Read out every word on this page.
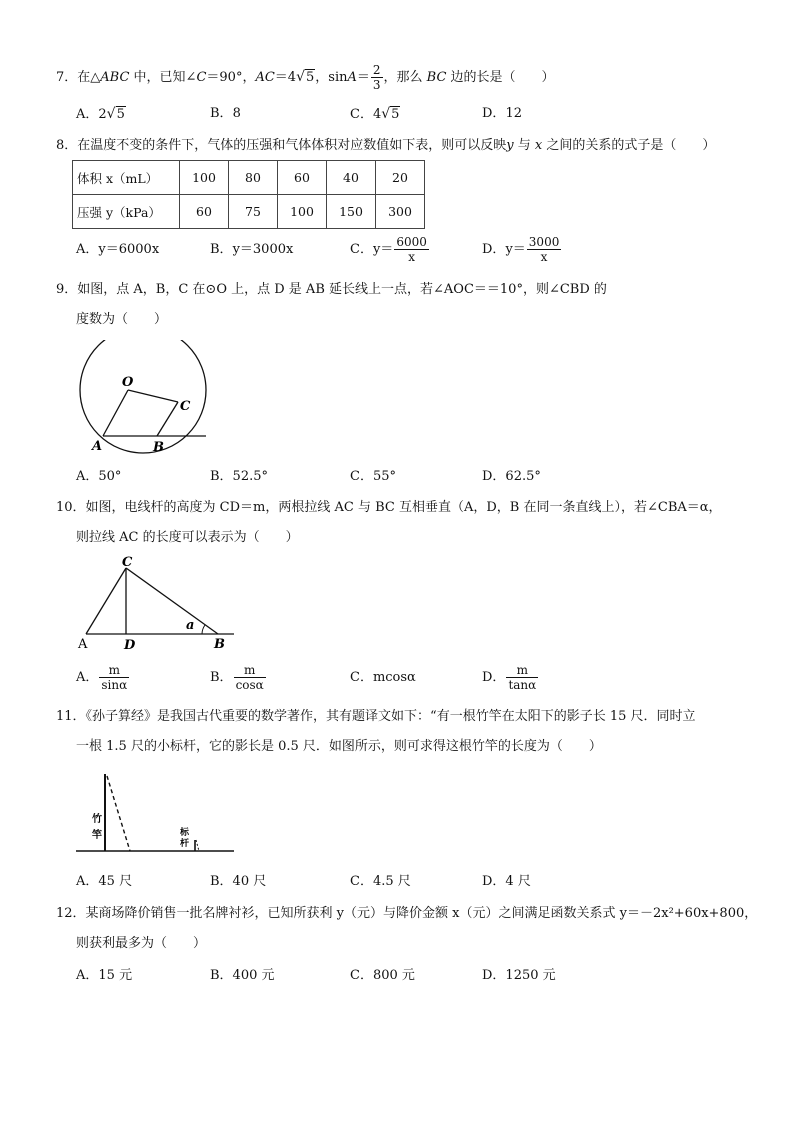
7．在△ABC 中，已知∠C＝90°，AC＝4√5，$\sin A= \frac{2}{3}$ ，那么 BC 边的长是（　　）
A．2√5	B．8	C．4√5	D．12
8．在温度不变的条件下，气体的压强和气体体积对应数值如下表，则可以反映y 与 x 之间的关系的式子是（　　）
体积 x（mL）	100	80	60	40	20
压强 y（kPa）	60	75	100	150	300
A．y＝6000x	B．y＝3000x	C．$y= \frac{6000}{x}$	D．$y= \frac{3000}{x}$
9．如图，点 A，B，C 在⊙O 上，点 D 是 AB 延长线上一点，若∠AOC＝＝10°，则∠CBD 的
度数为（　　）
O
C
A	B
A．50°	B．52.5°	C．55°	D．62.5°
10．如图，电线杆的高度为 CD＝m，两根拉线 AC 与 BC 互相垂直（A，D，B 在同一条直线上），若∠CBA＝α，
则拉线 AC 的长度可以表示为（　　）
C
A	D	B
a
A． $\frac{m}{\sin\alpha}$	B． $\frac{m}{\cos\alpha}$	C．mcosα	D． $\frac{m}{\tan\alpha}$
11．《孙子算经》是我国古代重要的数学著作，其有题译文如下：“有一根竹竿在太阳下的影子长 15 尺．同时立
一根 1.5 尺的小标杆，它的影长是 0.5 尺．如图所示，则可求得这根竹竿的长度为（　　）
竹
竿	标
杆
A．45 尺	B．40 尺	C．4.5 尺	D．4 尺
12．某商场降价销售一批名牌衬衫，已知所获利 y（元）与降价金额 x（元）之间满足函数关系式 y＝－2x²+60x+800，
则获利最多为（　　）
A．15 元	B．400 元	C．800 元	D．1250 元
